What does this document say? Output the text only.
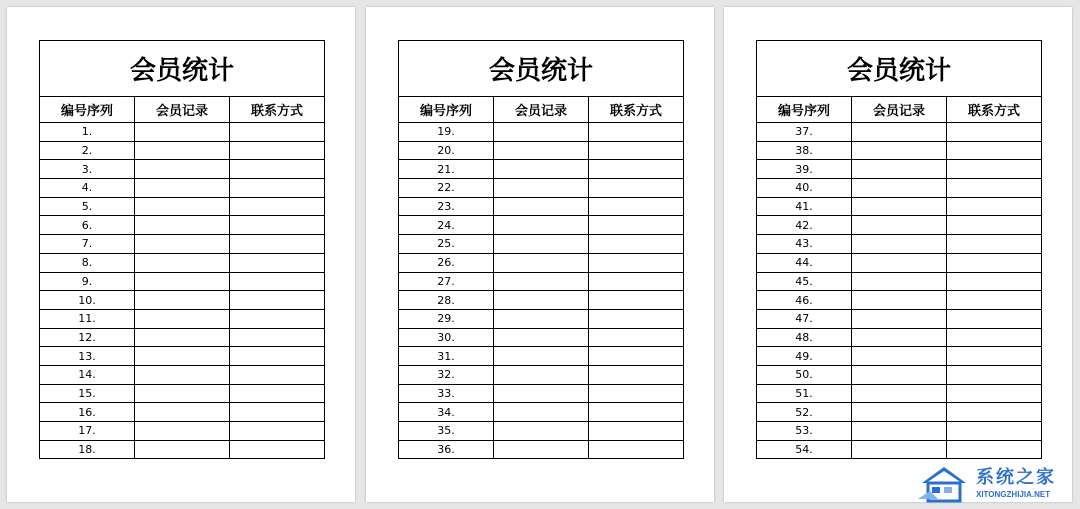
会员统计		
编号序列	会员记录	联系方式
1.		
2.		
3.		
4.		
5.		
6.		
7.		
8.		
9.		
10.		
11.		
12.		
13.		
14.		
15.		
16.		
17.		
18.		
会员统计		
编号序列	会员记录	联系方式
19.		
20.		
21.		
22.		
23.		
24.		
25.		
26.		
27.		
28.		
29.		
30.		
31.		
32.		
33.		
34.		
35.		
36.		
会员统计		
编号序列	会员记录	联系方式
37.		
38.		
39.		
40.		
41.		
42.		
43.		
44.		
45.		
46.		
47.		
48.		
49.		
50.		
51.		
52.		
53.		
54.		
系统之家
XITONGZHIJIA.NET
